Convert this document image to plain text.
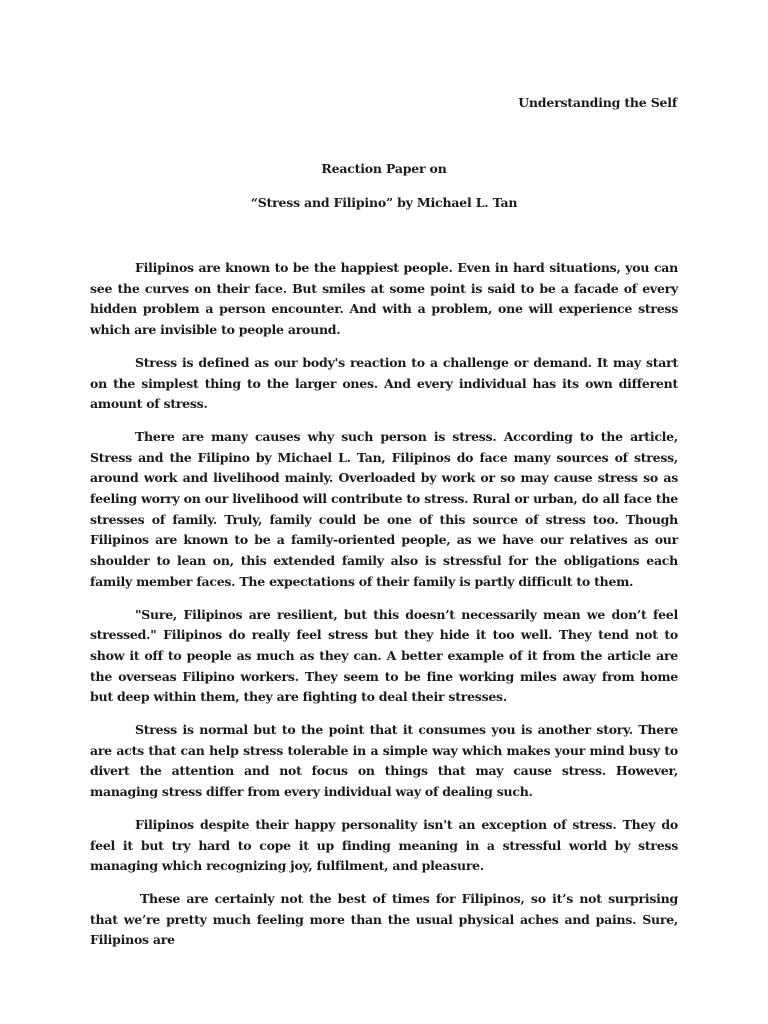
Understanding the Self
Reaction Paper on
“Stress and Filipino” by Michael L. Tan

Filipinos are known to be the happiest people. Even in hard situations, you can see the curves on their face. But smiles at some point is said to be a facade of every hidden problem a person encounter. And with a problem, one will experience stress which are invisible to people around.

Stress is defined as our body's reaction to a challenge or demand. It may start on the simplest thing to the larger ones. And every individual has its own different amount of stress.

There are many causes why such person is stress. According to the article, Stress and the Filipino by Michael L. Tan, Filipinos do face many sources of stress, around work and livelihood mainly. Overloaded by work or so may cause stress so as feeling worry on our livelihood will contribute to stress. Rural or urban, do all face the stresses of family. Truly, family could be one of this source of stress too. Though Filipinos are known to be a family-oriented people, as we have our relatives as our shoulder to lean on, this extended family also is stressful for the obligations each family member faces. The expectations of their family is partly difficult to them.

"Sure, Filipinos are resilient, but this doesn’t necessarily mean we don’t feel stressed." Filipinos do really feel stress but they hide it too well. They tend not to show it off to people as much as they can. A better example of it from the article are the overseas Filipino workers. They seem to be fine working miles away from home but deep within them, they are fighting to deal their stresses.

Stress is normal but to the point that it consumes you is another story. There are acts that can help stress tolerable in a simple way which makes your mind busy to divert the attention and not focus on things that may cause stress. However, managing stress differ from every individual way of dealing such.

Filipinos despite their happy personality isn't an exception of stress. They do feel it but try hard to cope it up finding meaning in a stressful world by stress managing which recognizing joy, fulfilment, and pleasure.

These are certainly not the best of times for Filipinos, so it’s not surprising that we’re pretty much feeling more than the usual physical aches and pains. Sure, Filipinos are
